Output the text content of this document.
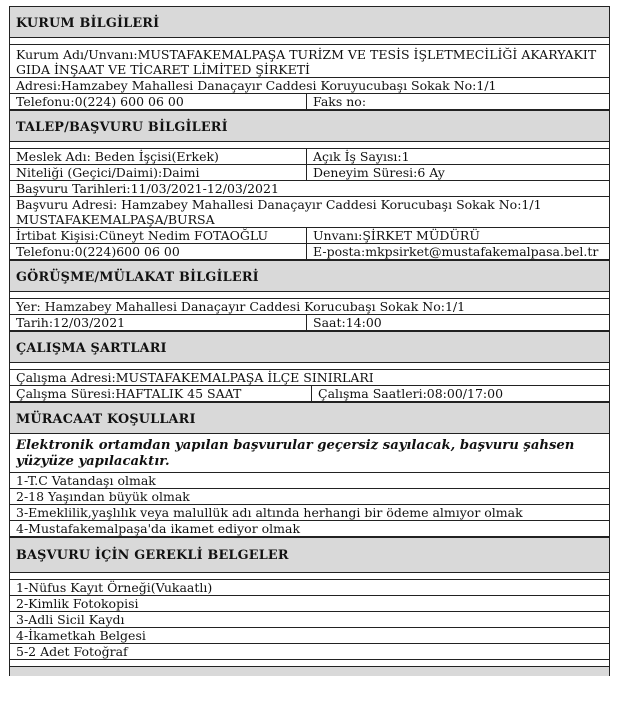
KURUM BİLGİLERİ
Kurum Adı/Unvanı:MUSTAFAKEMALPAŞA TURİZM VE TESİS İŞLETMECİLİĞİ AKARYAKIT GIDA İNŞAAT VE TİCARET LİMİTED ŞİRKETİ
Adresi:Hamzabey Mahallesi Danaçayır Caddesi Koruyucubaşı Sokak No:1/1
Telefonu:0(224) 600 06 00	Faks no:
TALEP/BAŞVURU BİLGİLERİ
Meslek Adı: Beden İşçisi(Erkek)	Açık İş Sayısı:1
Niteliği (Geçici/Daimi):Daimi	Deneyim Süresi:6 Ay
Başvuru Tarihleri:11/03/2021-12/03/2021
Başvuru Adresi: Hamzabey Mahallesi Danaçayır Caddesi Korucubaşı Sokak No:1/1 MUSTAFAKEMALPAŞA/BURSA
İrtibat Kişisi:Cüneyt Nedim FOTAOĞLU	Unvanı:ŞİRKET MÜDÜRÜ
Telefonu:0(224)600 06 00	E-posta:mkpsirket@mustafakemalpasa.bel.tr
GÖRÜŞME/MÜLAKAT BİLGİLERİ
Yer: Hamzabey Mahallesi Danaçayır Caddesi Korucubaşı Sokak No:1/1
Tarih:12/03/2021	Saat:14:00
ÇALIŞMA ŞARTLARI
Çalışma Adresi:MUSTAFAKEMALPAŞA İLÇE SINIRLARI
Çalışma Süresi:HAFTALIK 45 SAAT	Çalışma Saatleri:08:00/17:00
MÜRACAAT KOŞULLARI
Elektronik ortamdan yapılan başvurular geçersiz sayılacak, başvuru şahsen yüzyüze yapılacaktır.
1-T.C Vatandaşı olmak
2-18 Yaşından büyük olmak
3-Emeklilik,yaşlılık veya malullük adı altında herhangi bir ödeme almıyor olmak
4-Mustafakemalpaşa'da ikamet ediyor olmak
BAŞVURU İÇİN GEREKLİ BELGELER
1-Nüfus Kayıt Örneği(Vukaatlı)
2-Kimlik Fotokopisi
3-Adli Sicil Kaydı
4-İkametkah Belgesi
5-2 Adet Fotoğraf
